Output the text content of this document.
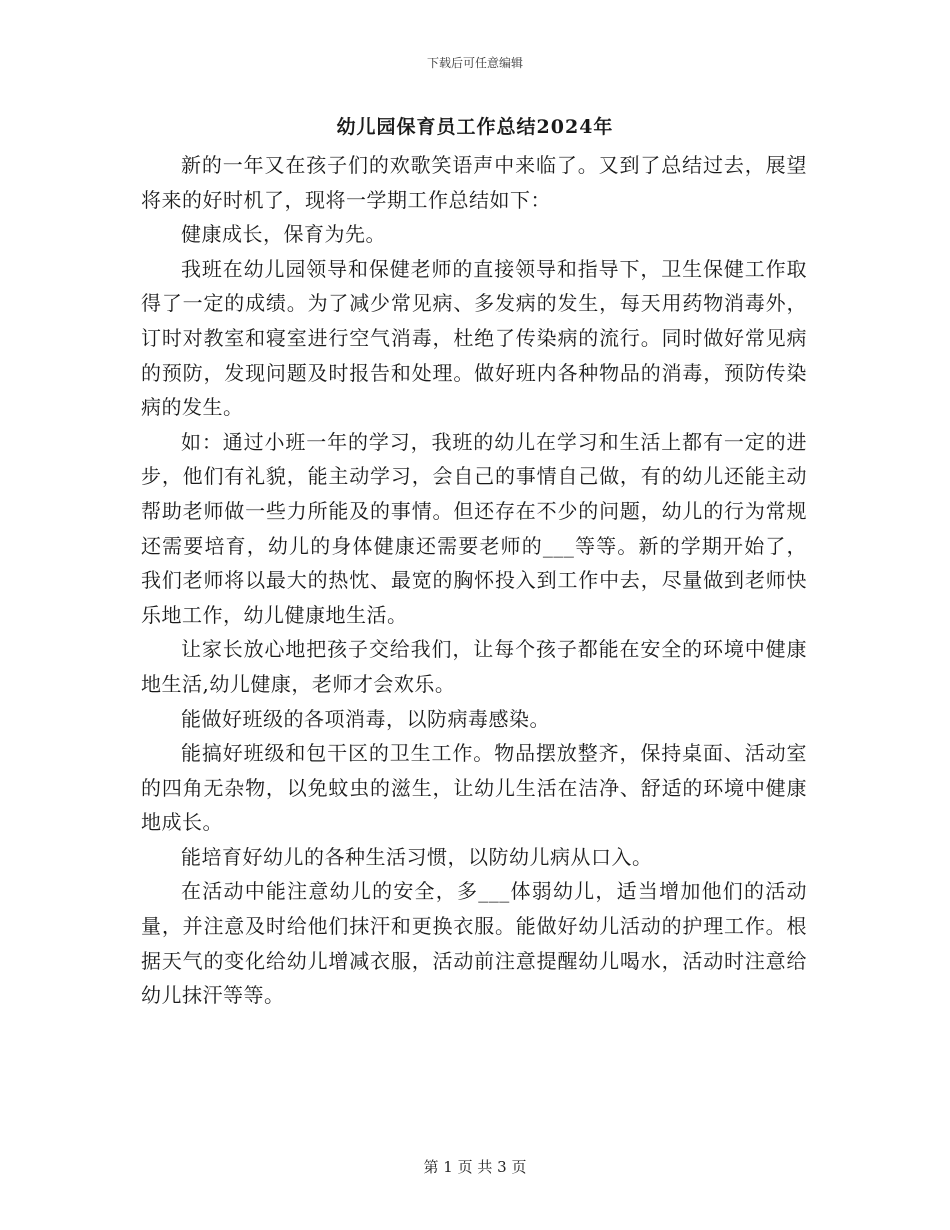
下载后可任意编辑
幼儿园保育员工作总结2024年

新的一年又在孩子们的欢歌笑语声中来临了。又到了总结过去，展望将来的好时机了，现将一学期工作总结如下：

健康成长，保育为先。

我班在幼儿园领导和保健老师的直接领导和指导下，卫生保健工作取得了一定的成绩。为了减少常见病、多发病的发生，每天用药物消毒外，订时对教室和寝室进行空气消毒，杜绝了传染病的流行。同时做好常见病的预防，发现问题及时报告和处理。做好班内各种物品的消毒，预防传染病的发生。

如：通过小班一年的学习，我班的幼儿在学习和生活上都有一定的进步，他们有礼貌，能主动学习，会自己的事情自己做，有的幼儿还能主动帮助老师做一些力所能及的事情。但还存在不少的问题，幼儿的行为常规还需要培育，幼儿的身体健康还需要老师的___等等。新的学期开始了，我们老师将以最大的热忱、最宽的胸怀投入到工作中去，尽量做到老师快乐地工作，幼儿健康地生活。

让家长放心地把孩子交给我们，让每个孩子都能在安全的环境中健康地生活,幼儿健康，老师才会欢乐。

能做好班级的各项消毒，以防病毒感染。

能搞好班级和包干区的卫生工作。物品摆放整齐，保持桌面、活动室的四角无杂物，以免蚊虫的滋生，让幼儿生活在洁净、舒适的环境中健康地成长。

能培育好幼儿的各种生活习惯，以防幼儿病从口入。

在活动中能注意幼儿的安全，多___体弱幼儿，适当增加他们的活动量，并注意及时给他们抹汗和更换衣服。能做好幼儿活动的护理工作。根据天气的变化给幼儿增减衣服，活动前注意提醒幼儿喝水，活动时注意给幼儿抹汗等等。

第 1 页 共 3 页
